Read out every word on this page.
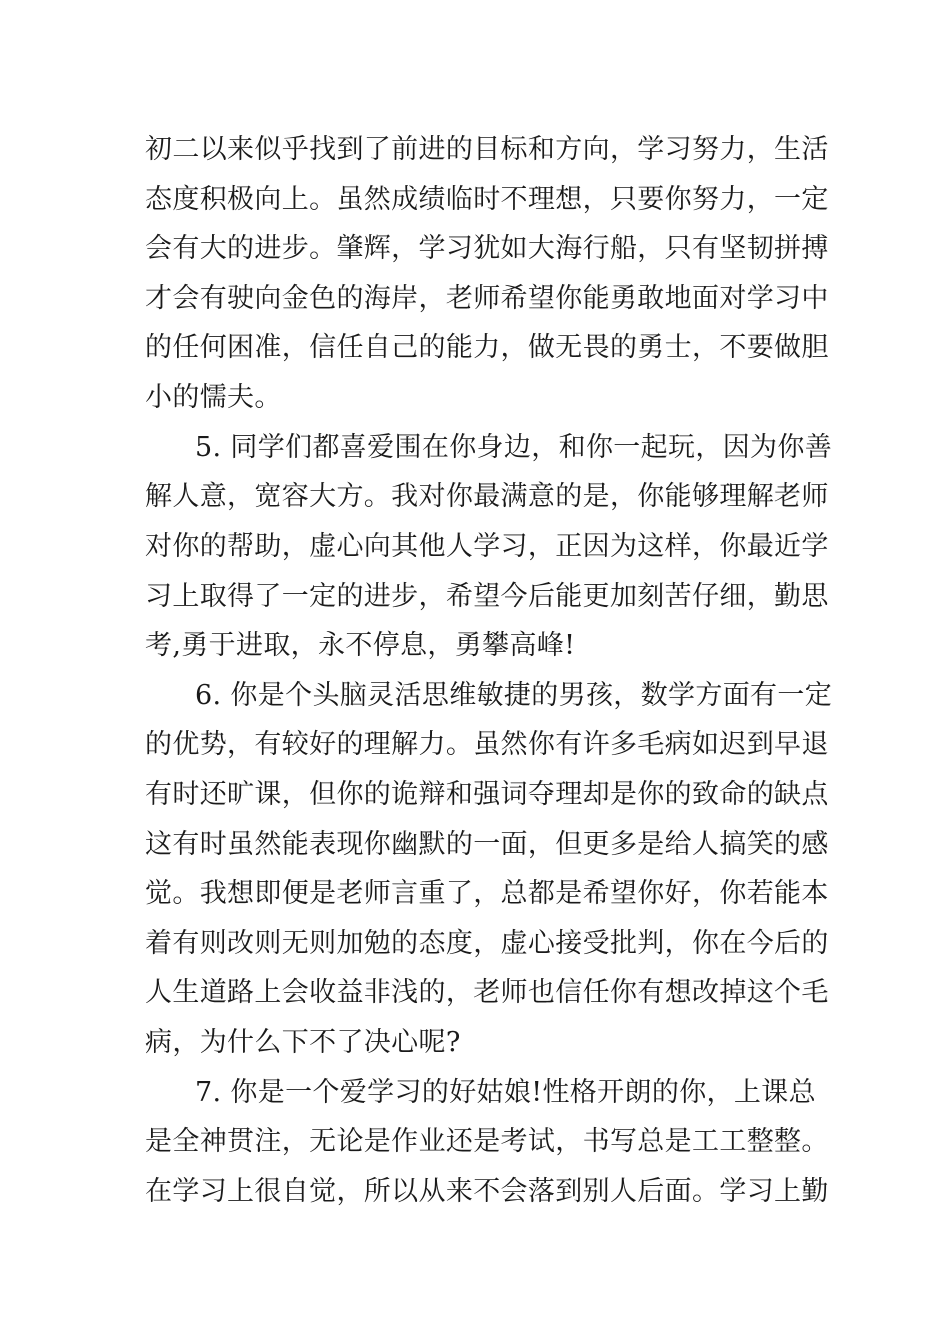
初二以来似乎找到了前进的目标和方向，学习努力，生活
态度积极向上。虽然成绩临时不理想，只要你努力，一定
会有大的进步。肇辉，学习犹如大海行船，只有坚韧拼搏
才会有驶向金色的海岸，老师希望你能勇敢地面对学习中
的任何困准，信任自己的能力，做无畏的勇士，不要做胆
小的懦夫。
5. 同学们都喜爱围在你身边，和你一起玩，因为你善
解人意，宽容大方。我对你最满意的是，你能够理解老师
对你的帮助，虚心向其他人学习，正因为这样，你最近学
习上取得了一定的进步，希望今后能更加刻苦仔细，勤思
考,勇于进取，永不停息，勇攀高峰!
6. 你是个头脑灵活思维敏捷的男孩，数学方面有一定
的优势，有较好的理解力。虽然你有许多毛病如迟到早退
有时还旷课，但你的诡辩和强词夺理却是你的致命的缺点
这有时虽然能表现你幽默的一面，但更多是给人搞笑的感
觉。我想即便是老师言重了，总都是希望你好，你若能本
着有则改则无则加勉的态度，虚心接受批判，你在今后的
人生道路上会收益非浅的，老师也信任你有想改掉这个毛
病，为什么下不了决心呢?
7. 你是一个爱学习的好姑娘!性格开朗的你，上课总
是全神贯注，无论是作业还是考试，书写总是工工整整。
在学习上很自觉，所以从来不会落到别人后面。学习上勤
